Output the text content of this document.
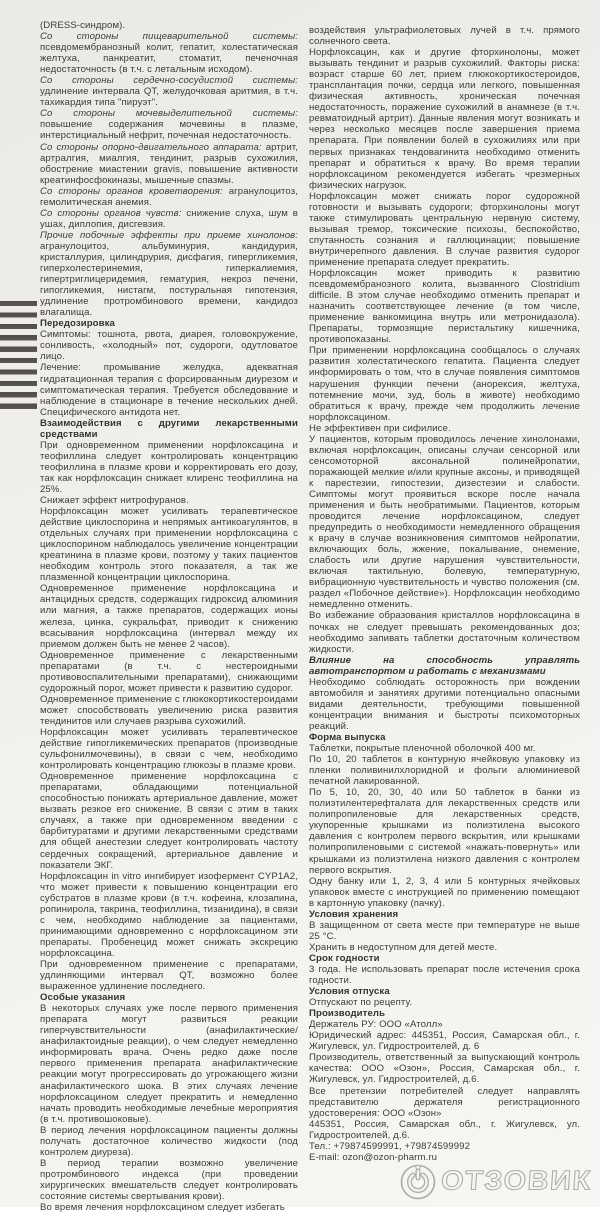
(DRESS-синдром).

Со стороны пищеварительной системы: псевдомембранозный колит, гепатит, холестатическая желтуха, панкреатит, стоматит, печеночная недостаточность (в т.ч. с летальным исходом).

Со стороны сердечно-сосудистой системы: удлинение интервала QT, желудочковая аритмия, в т.ч. тахикардия типа "пируэт".

Со стороны мочевыделительной системы: повышение содержания мочевины в плазме, интерстициальный нефрит, почечная недостаточность.

Со стороны опорно-двигательного аппарата: артрит, артралгия, миалгия, тендинит, разрыв сухожилия, обострение миастении gravis, повышение активности креатинфосфокиназы, мышечные спазмы.

Со стороны органов кроветворения: агранулоцитоз, гемолитическая анемия.

Со стороны органов чувств: снижение слуха, шум в ушах, диплопия, дисгевзия.

Прочие побочные эффекты при приеме хинолонов: агранулоцитоз, альбуминурия, кандидурия, кристаллурия, цилиндрурия, дисфагия, гипергликемия, гиперхолестеринемия, гиперкалиемия, гипертриглицеридемия, гематурия, некроз печени, гипогликемия, нистагм, постуральная гипотензия, удлинение протромбинового времени, кандидоз влагалища.

Передозировка

Симптомы: тошнота, рвота, диарея, головокружение, сонливость, «холодный» пот, судороги, одутловатое лицо.

Лечение: промывание желудка, адекватная гидратационная терапия с форсированным диурезом и симптоматическая терапия. Требуется обследование и наблюдение в стационаре в течение нескольких дней. Специфического антидота нет.

Взаимодействия с другими лекарственными средствами

При одновременном применении норфлоксацина и теофиллина следует контролировать концентрацию теофиллина в плазме крови и корректировать его дозу, так как норфлоксацин снижает клиренс теофиллина на 25%.

Снижает эффект нитрофуранов.

Норфлоксацин может усиливать терапевтическое действие циклоспорина и непрямых антикоагулянтов, в отдельных случаях при применении норфлоксацина с циклоспорином наблюдалось увеличение концентрации креатинина в плазме крови, поэтому у таких пациентов необходим контроль этого показателя, а так же плазменной концентрации циклоспорина.

Одновременное применение норфлоксацина и антацидных средств, содержащих гидроксид алюминия или магния, а также препаратов, содержащих ионы железа, цинка, сукральфат, приводит к снижению всасывания норфлоксацина (интервал между их приемом должен быть не менее 2 часов).

Одновременное применение с лекарственными препаратами (в т.ч. с нестероидными противовоспалительными препаратами), снижающими судорожный порог, может привести к развитию судорог.

Одновременное применение с глюкокортикостероидами может способствовать увеличению риска развития тендинитов или случаев разрыва сухожилий.

Норфлоксацин может усиливать терапевтическое действие гипогликемических препаратов (производные сульфонилмочевины), в связи с чем, необходимо контролировать концентрацию глюкозы в плазме крови.

Одновременное применение норфлоксацина с препаратами, обладающими потенциальной способностью понижать артериальное давление, может вызвать резкое его снижение. В связи с этим в таких случаях, а также при одновременном введении с барбитуратами и другими лекарственными средствами для общей анестезии следует контролировать частоту сердечных сокращений, артериальное давление и показатели ЭКГ.

Норфлоксацин in vitro ингибирует изофермент CYP1A2, что может привести к повышению концентрации его субстратов в плазме крови (в т.ч. кофеина, клозапина, ропинирола, такрина, теофиллина, тизанидина), в связи с чем, необходимо наблюдение за пациентами, принимающими одновременно с норфлоксацином эти препараты. Пробенецид может снижать экскрецию норфлоксацина.

При одновременном применение с препаратами, удлиняющими интервал QT, возможно более выраженное удлинение последнего.

Особые указания

В некоторых случаях уже после первого применения препарата могут развиться реакции гиперчувствительности (анафилактические/анафилактоидные реакции), о чем следует немедленно информировать врача. Очень редко даже после первого применения препарата анафилактические реакции могут прогрессировать до угрожающего жизни анафилактического шока. В этих случаях лечение норфлоксацином следует прекратить и немедленно начать проводить необходимые лечебные мероприятия (в т.ч. противошоковые).

В период лечения норфлоксацином пациенты должны получать достаточное количество жидкости (под контролем диуреза).

В период терапии возможно увеличение протромбинового индекса (при проведении хирургических вмешательств следует контролировать состояние системы свертывания крови).

Во время лечения норфлоксацином следует избегать

воздействия ультрафиолетовых лучей в т.ч. прямого солнечного света.

Норфлоксацин, как и другие фторхинолоны, может вызывать тендинит и разрыв сухожилий. Факторы риска: возраст старше 60 лет, прием глюкокортикостероидов, трансплантация почки, сердца или легкого, повышенная физическая активность, хроническая почечная недостаточность, поражение сухожилий в анамнезе (в т.ч. ревматоидный артрит). Данные явления могут возникать и через несколько месяцев после завершения приема препарата. При появлении болей в сухожилиях или при первых признаках тендовагинита необходимо отменить препарат и обратиться к врачу. Во время терапии норфлоксацином рекомендуется избегать чрезмерных физических нагрузок.

Норфлоксацин может снижать порог судорожной готовности и вызывать судороги; фторхинолоны могут также стимулировать центральную нервную систему, вызывая тремор, токсические психозы, беспокойство, спутанность сознания и галлюцинации; повышение внутричерепного давления. В случае развития судорог применение препарата следует прекратить.

Норфлоксацин может приводить к развитию псевдомембранозного колита, вызванного Clostridium difficile. В этом случае необходимо отменить препарат и назначить соответствующее лечение (в том числе, применение ванкомицина внутрь или метронидазола). Препараты, тормозящие перистальтику кишечника, противопоказаны.

При применении норфлоксацина сообщалось о случаях развития холестатического гепатита. Пациента следует информировать о том, что в случае появления симптомов нарушения функции печени (анорексия, желтуха, потемнение мочи, зуд, боль в животе) необходимо обратиться к врачу, прежде чем продолжить лечение норфлоксацином.

Не эффективен при сифилисе.

У пациентов, которым проводилось лечение хинолонами, включая норфлоксацин, описаны случаи сенсорной или сенсомоторной аксональной полинейропатии, поражающей мелкие и/или крупные аксоны, и приводящей к парестезии, гипостезии, дизестезии и слабости. Симптомы могут проявиться вскоре после начала применения и быть необратимыми. Пациентов, которым проводится лечение норфлоксацином, следует предупредить о необходимости немедленного обращения к врачу в случае возникновения симптомов нейропатии, включающих боль, жжение, покалывание, онемение, слабость или другие нарушения чувствительности, включая тактильную, болевую, температурную, вибрационную чувствительность и чувство положения (см. раздел «Побочное действие»). Норфлоксацин необходимо немедленно отменить.

Во избежание образования кристаллов норфлоксацина в почках не следует превышать рекомендованных доз; необходимо запивать таблетки достаточным количеством жидкости.

Влияние на способность управлять автотранспортом и работать с механизмами

Необходимо соблюдать осторожность при вождении автомобиля и занятиях другими потенциально опасными видами деятельности, требующими повышенной концентрации внимания и быстроты психомоторных реакций.

Форма выпуска

Таблетки, покрытые пленочной оболочкой 400 мг.

По 10, 20 таблеток в контурную ячейковую упаковку из пленки поливинилхлоридной и фольги алюминиевой печатной лакированной.

По 5, 10, 20, 30, 40 или 50 таблеток в банки из полиэтилентерефталата для лекарственных средств или полипропиленовые для лекарственных средств, укупоренные крышками из полиэтилена высокого давления с контролем первого вскрытия, или крышками полипропиленовыми с системой «нажать-повернуть» или крышками из полиэтилена низкого давления с контролем первого вскрытия.

Одну банку или 1, 2, 3, 4 или 5 контурных ячейковых упаковок вместе с инструкцией по применению помещают в картонную упаковку (пачку).

Условия хранения

В защищенном от света месте при температуре не выше 25 °С.

Хранить в недоступном для детей месте.

Срок годности

3 года. Не использовать препарат после истечения срока годности.

Условия отпуска

Отпускают по рецепту.

Производитель

Держатель РУ: ООО «Атолл»

Юридический адрес: 445351, Россия, Самарская обл., г. Жигулевск, ул. Гидростроителей, д. 6

Производитель, ответственный за выпускающий контроль качества: ООО «Озон», Россия, Самарская обл., г. Жигулевск, ул. Гидростроителей, д.6.

Все претензии потребителей следует направлять представителю держателя регистрационного удостоверения: ООО «Озон»

445351, Россия, Самарская обл., г. Жигулевск, ул. Гидростроителей, д.6.

Тел.: +79874599991, +79874599992

E-mail: ozon@ozon-pharm.ru

ОТЗОВИК
